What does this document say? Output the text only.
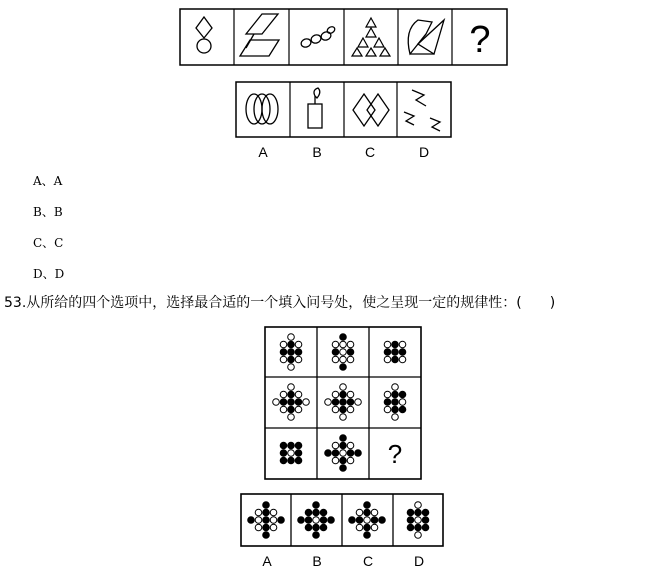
?
A	B	C	D
?
A	B	C	D
A、A
B、B
C、C
D、D
53.从所给的四个选项中，选择最合适的一个填入问号处，使之呈现一定的规律性：(　　)
